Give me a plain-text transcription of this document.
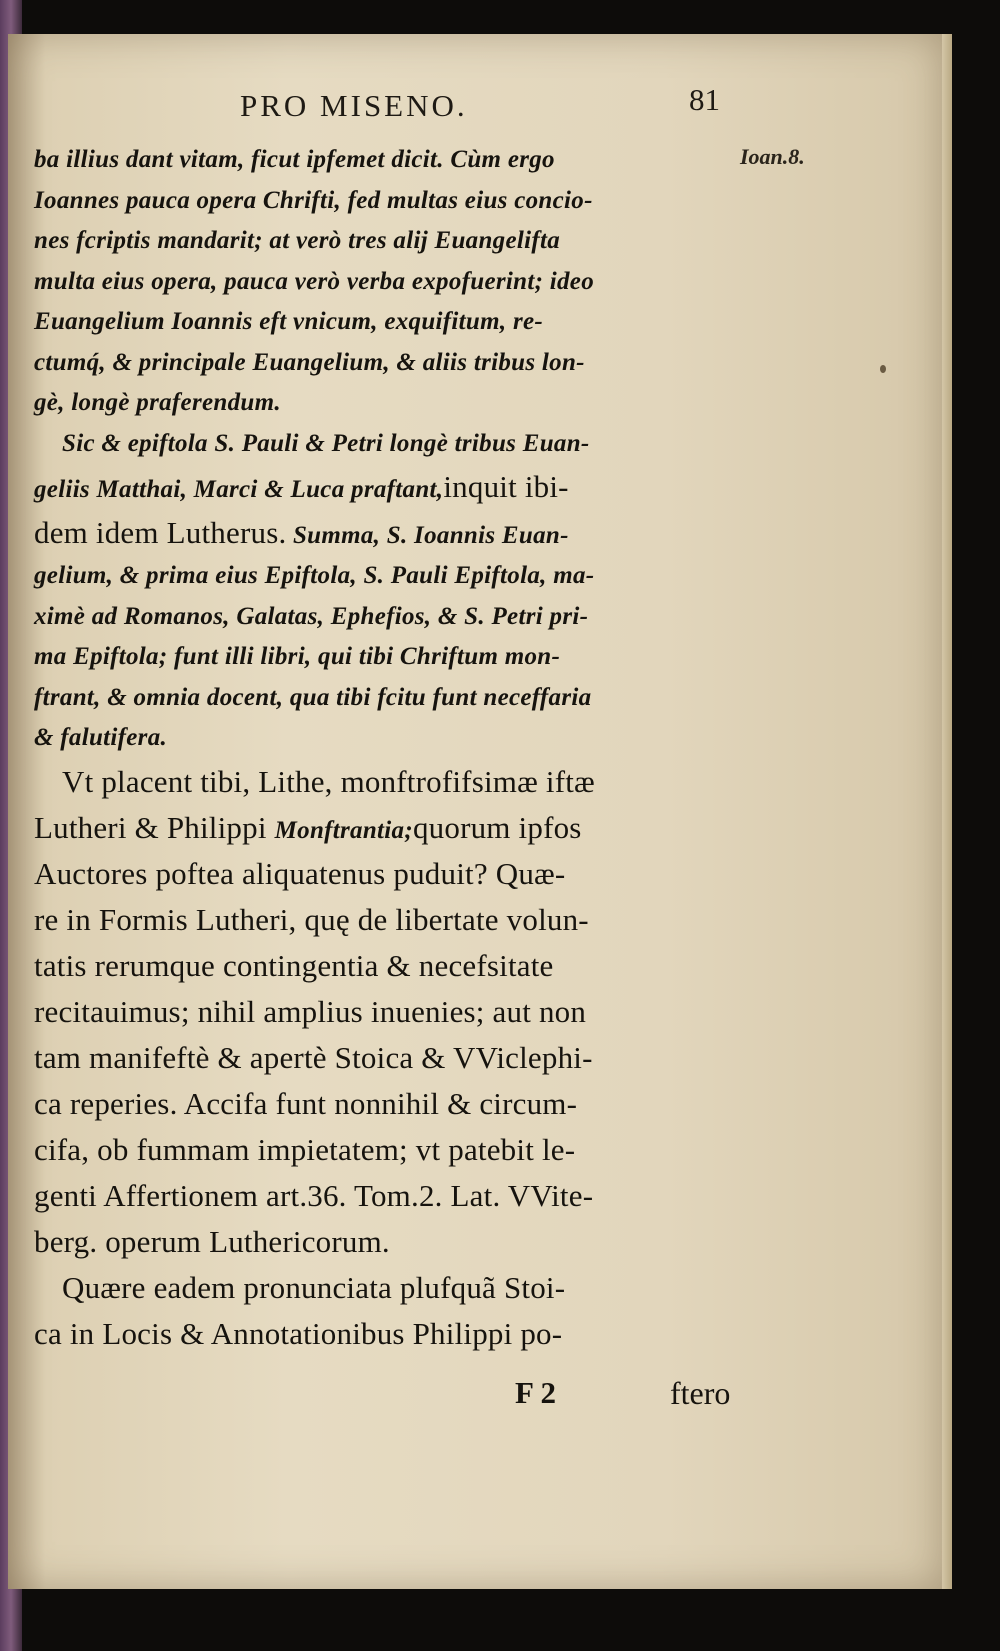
PRO MISENO.	81
Ioan.8.
ba illius dant vitam, ficut ipfemet dicit. Cùm ergo
Ioannes pauca opera Chrifti, fed multas eius concio-
nes fcriptis mandarit; at verò tres alij Euangelifta
multa eius opera, pauca verò verba expofuerint; ideo
Euangelium Ioannis eft vnicum, exquifitum, re-
ctumq́, & principale Euangelium, & aliis tribus lon-
gè, longè praferendum.
Sic & epiftola S. Pauli & Petri longè tribus Euan-
geliis Matthai, Marci & Luca praftant,inquit ibi-
dem idem Lutherus. Summa, S. Ioannis Euan-
gelium, & prima eius Epiftola, S. Pauli Epiftola, ma-
ximè ad Romanos, Galatas, Ephefios, & S. Petri pri-
ma Epiftola; funt illi libri, qui tibi Chriftum mon-
ftrant, & omnia docent, qua tibi fcitu funt neceffaria
& falutifera.
Vt placent tibi, Lithe, monftrofifsimæ iftæ
Lutheri & Philippi Monftrantia;quorum ipfos
Auctores poftea aliquatenus puduit? Quæ-
re in Formis Lutheri, quę de libertate volun-
tatis rerumque contingentia & necefsitate
recitauimus; nihil amplius inuenies; aut non
tam manifeftè & apertè Stoica & VViclephi-
ca reperies. Accifa funt nonnihil & circum-
cifa, ob fummam impietatem; vt patebit le-
genti Affertionem art.36. Tom.2. Lat. VVite-
berg. operum Luthericorum.
Quære eadem pronunciata plufquã Stoi-
ca in Locis & Annotationibus Philippi po-
F 2	ftero
